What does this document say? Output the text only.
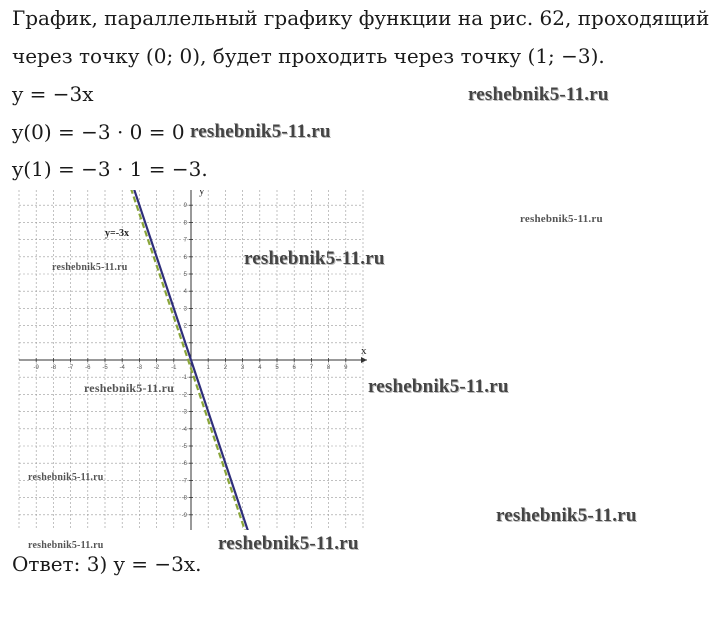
График, параллельный графику функции на рис. 62, проходящий
через точку (0; 0), будет проходить через точку (1; −3).
y = −3x
y(0) = −3 · 0 = 0
y(1) = −3 · 1 = −3.
x
y
-9 -8 -7 -6 -5 -4 -3 -2 -1	1 2 3 4 5 6 7 8 9
-9
-8
-7
-6
-5
-4
-3
-2
-1
1
2
3
4
5
6
7
8
9
y=-3x
Ответ: 3) y = −3x.
reshebnik5-11.ru
reshebnik5-11.ru
reshebnik5-11.ru
reshebnik5-11.ru
reshebnik5-11.ru
reshebnik5-11.ru
reshebnik5-11.ru
reshebnik5-11.ru
reshebnik5-11.ru
reshebnik5-11.ru
reshebnik5-11.ru
